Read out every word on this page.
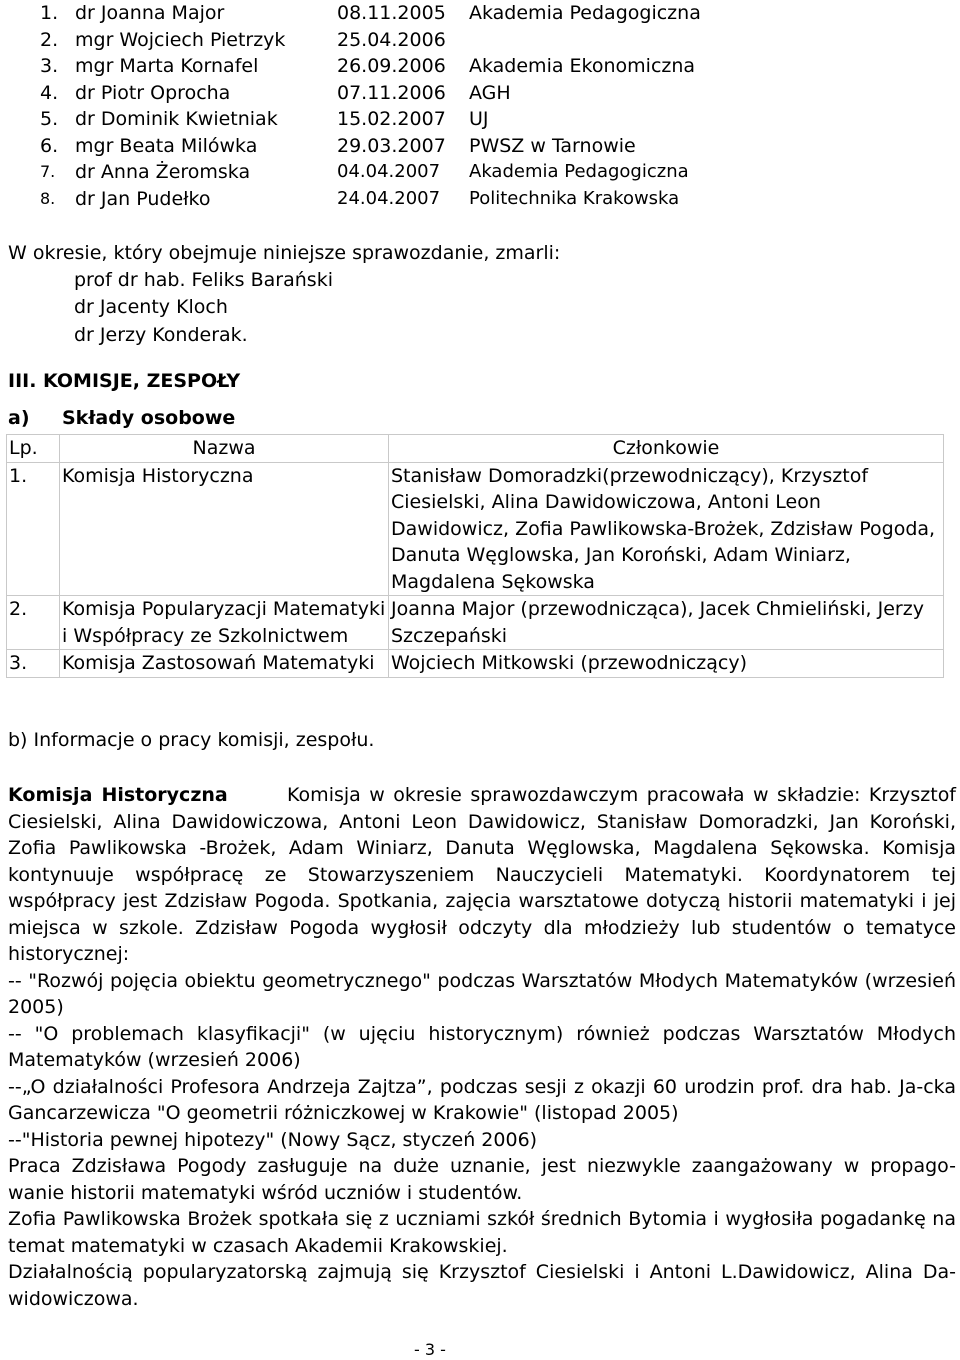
1. dr Joanna Major	08.11.2005 Akademia Pedagogiczna
2. mgr Wojciech Pietrzyk	25.04.2006
3. mgr Marta Kornafel	26.09.2006 Akademia Ekonomiczna
4. dr Piotr Oprocha	07.11.2006 AGH
5. dr Dominik Kwietniak	15.02.2007 UJ
6. mgr Beata Milówka	29.03.2007 PWSZ w Tarnowie
7. dr Anna Żeromska	04.04.2007 Akademia Pedagogiczna
8. dr Jan Pudełko	24.04.2007 Politechnika Krakowska

W okresie, który obejmuje niniejsze sprawozdanie, zmarli:

prof dr hab. Feliks Barański
dr Jacenty Kloch
dr Jerzy Konderak.
III. KOMISJE, ZESPOŁY
a) Składy osobowe
Lp.	Nazwa	Członkowie
1.	Komisja Historyczna	Stanisław Domoradzki(przewodniczący), Krzysztof Ciesielski, Alina Dawidowiczowa, Antoni Leon Dawidowicz, Zofia Pawlikowska-Brożek, Zdzisław Pogoda, Danuta Węglowska, Jan Koroński, Adam Winiarz, Magdalena Sękowska
2.	Komisja Popularyzacji Matematyki i Współpracy ze Szkolnictwem	Joanna Major (przewodnicząca), Jacek Chmieliński, Jerzy Szczepański
3.	Komisja Zastosowań Matematyki	Wojciech Mitkowski (przewodniczący)

b) Informacje o pracy komisji, zespołu.

Komisja Historyczna	Komisja w okresie sprawozdawczym pracowała w składzie: Krzysztof Ciesielski, Alina Dawidowiczowa, Antoni Leon Dawidowicz, Stanisław Domoradzki, Jan Koroński, Zofia Pawlikowska -Brożek, Adam Winiarz, Danuta Węglowska, Magdalena Sękowska. Komisja kontynuuje współpracę ze Stowarzyszeniem Nauczycieli Matematyki. Koordynatorem tej współpracy jest Zdzisław Pogoda. Spotkania, zajęcia warsztatowe dotyczą historii matematyki i jej miejsca w szkole. Zdzisław Pogoda wygłosił odczyty dla młodzieży lub studentów o tematyce historycznej:

-- "Rozwój pojęcia obiektu geometrycznego" podczas Warsztatów Młodych Matematyków (wrzesień 2005)

-- "O problemach klasyfikacji" (w ujęciu historycznym) również podczas Warsztatów Młodych Matematyków (wrzesień 2006)

--„O działalności Profesora Andrzeja Zajtza”, podczas sesji z okazji 60 urodzin prof. dra hab. Ja-cka Gancarzewicza "O geometrii różniczkowej w Krakowie" (listopad 2005)

--"Historia pewnej hipotezy" (Nowy Sącz, styczeń 2006)

Praca Zdzisława Pogody zasługuje na duże uznanie, jest niezwykle zaangażowany w propago-wanie historii matematyki wśród uczniów i studentów.

Zofia Pawlikowska Brożek spotkała się z uczniami szkół średnich Bytomia i wygłosiła pogadankę na temat matematyki w czasach Akademii Krakowskiej.

Działalnością popularyzatorską zajmują się Krzysztof Ciesielski i Antoni L.Dawidowicz, Alina Da-widowiczowa.

- 3 -
